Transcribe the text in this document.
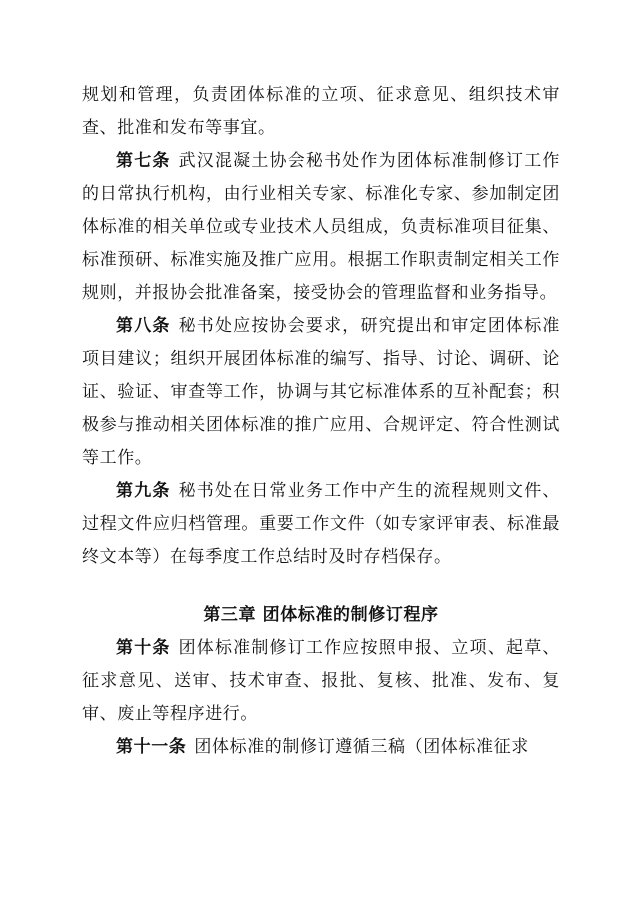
规划和管理，负责团体标准的立项、征求意见、组织技术审查、批准和发布等事宜。

第七条 武汉混凝土协会秘书处作为团体标准制修订工作的日常执行机构，由行业相关专家、标准化专家、参加制定团体标准的相关单位或专业技术人员组成，负责标准项目征集、标准预研、标准实施及推广应用。根据工作职责制定相关工作规则，并报协会批准备案，接受协会的管理监督和业务指导。

第八条 秘书处应按协会要求，研究提出和审定团体标准项目建议；组织开展团体标准的编写、指导、讨论、调研、论证、验证、审查等工作，协调与其它标准体系的互补配套；积极参与推动相关团体标准的推广应用、合规评定、符合性测试等工作。

第九条 秘书处在日常业务工作中产生的流程规则文件、过程文件应归档管理。重要工作文件（如专家评审表、标准最终文本等）在每季度工作总结时及时存档保存。

第三章 团体标准的制修订程序

第十条 团体标准制修订工作应按照申报、立项、起草、征求意见、送审、技术审查、报批、复核、批准、发布、复审、废止等程序进行。

第十一条 团体标准的制修订遵循三稿（团体标准征求
